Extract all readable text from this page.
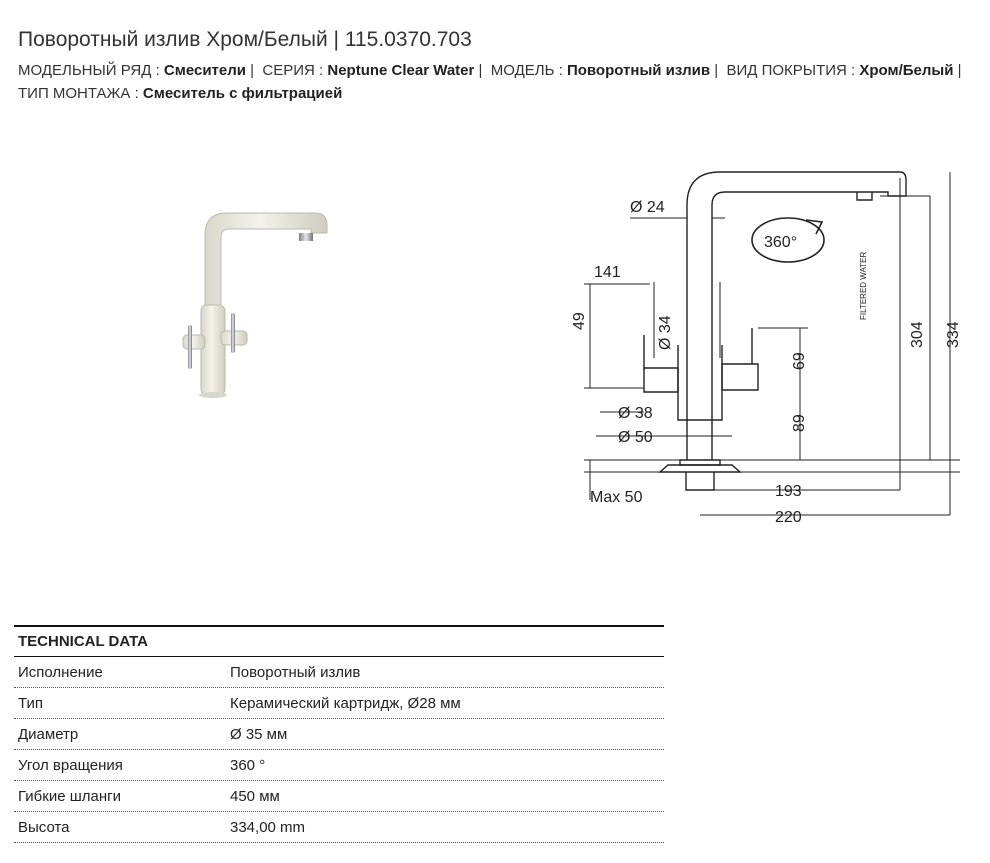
Поворотный излив Хром/Белый | 115.0370.703
МОДЕЛЬНЫЙ РЯД : Смесители |  СЕРИЯ : Neptune Clear Water |  МОДЕЛЬ : Поворотный излив |  ВИД ПОКРЫТИЯ : Хром/Белый |  ТИП МОНТАЖА : Смеситель с фильтрацией
Ø 24
360°
141
49	Ø 34
FILTERED WATER
304 334
69
Ø 38
89
Ø 50
Max 50	193
220
TECHNICAL DATA
Исполнение	Поворотный излив
Тип	Керамический картридж, Ø28 мм
Диаметр	Ø 35 мм
Угол вращения	360 °
Гибкие шланги	450 мм
Высота	334,00 mm
